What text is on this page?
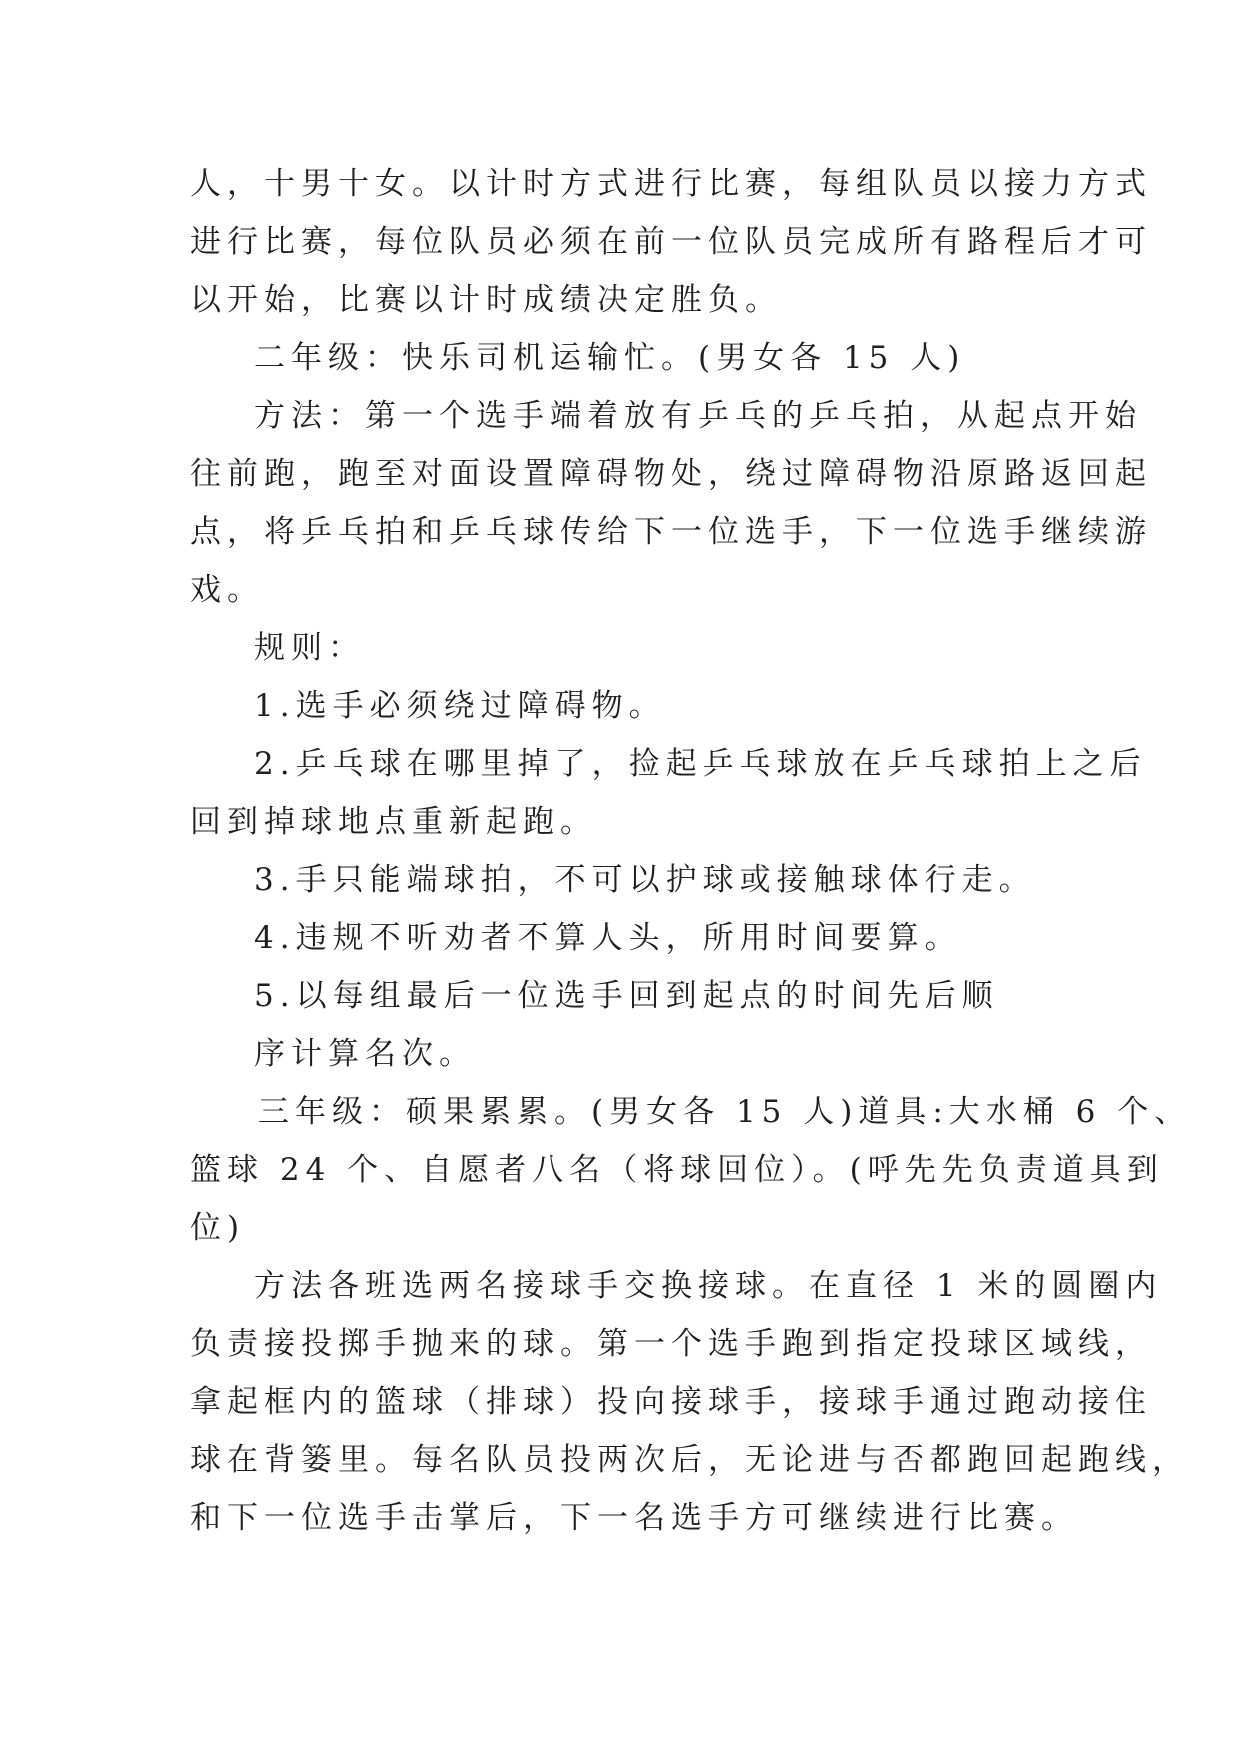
人，十男十女。以计时方式进行比赛，每组队员以接力方式

进行比赛，每位队员必须在前一位队员完成所有路程后才可

以开始，比赛以计时成绩决定胜负。

二年级：快乐司机运输忙。(男女各 15 人)

方法：第一个选手端着放有乒乓的乒乓拍，从起点开始

往前跑，跑至对面设置障碍物处，绕过障碍物沿原路返回起

点，将乒乓拍和乒乓球传给下一位选手，下一位选手继续游

戏。

规则：

1.选手必须绕过障碍物。

2.乒乓球在哪里掉了，捡起乒乓球放在乒乓球拍上之后

回到掉球地点重新起跑。

3.手只能端球拍，不可以护球或接触球体行走。

4.违规不听劝者不算人头，所用时间要算。

5.以每组最后一位选手回到起点的时间先后顺

序计算名次。

三年级：硕果累累。(男女各 15 人)道具:大水桶 6 个、

篮球 24 个、自愿者八名（将球回位）。(呼先先负责道具到

位)

方法各班选两名接球手交换接球。在直径 1 米的圆圈内

负责接投掷手抛来的球。第一个选手跑到指定投球区域线，

拿起框内的篮球（排球）投向接球手，接球手通过跑动接住

球在背篓里。每名队员投两次后，无论进与否都跑回起跑线，

和下一位选手击掌后，下一名选手方可继续进行比赛。
